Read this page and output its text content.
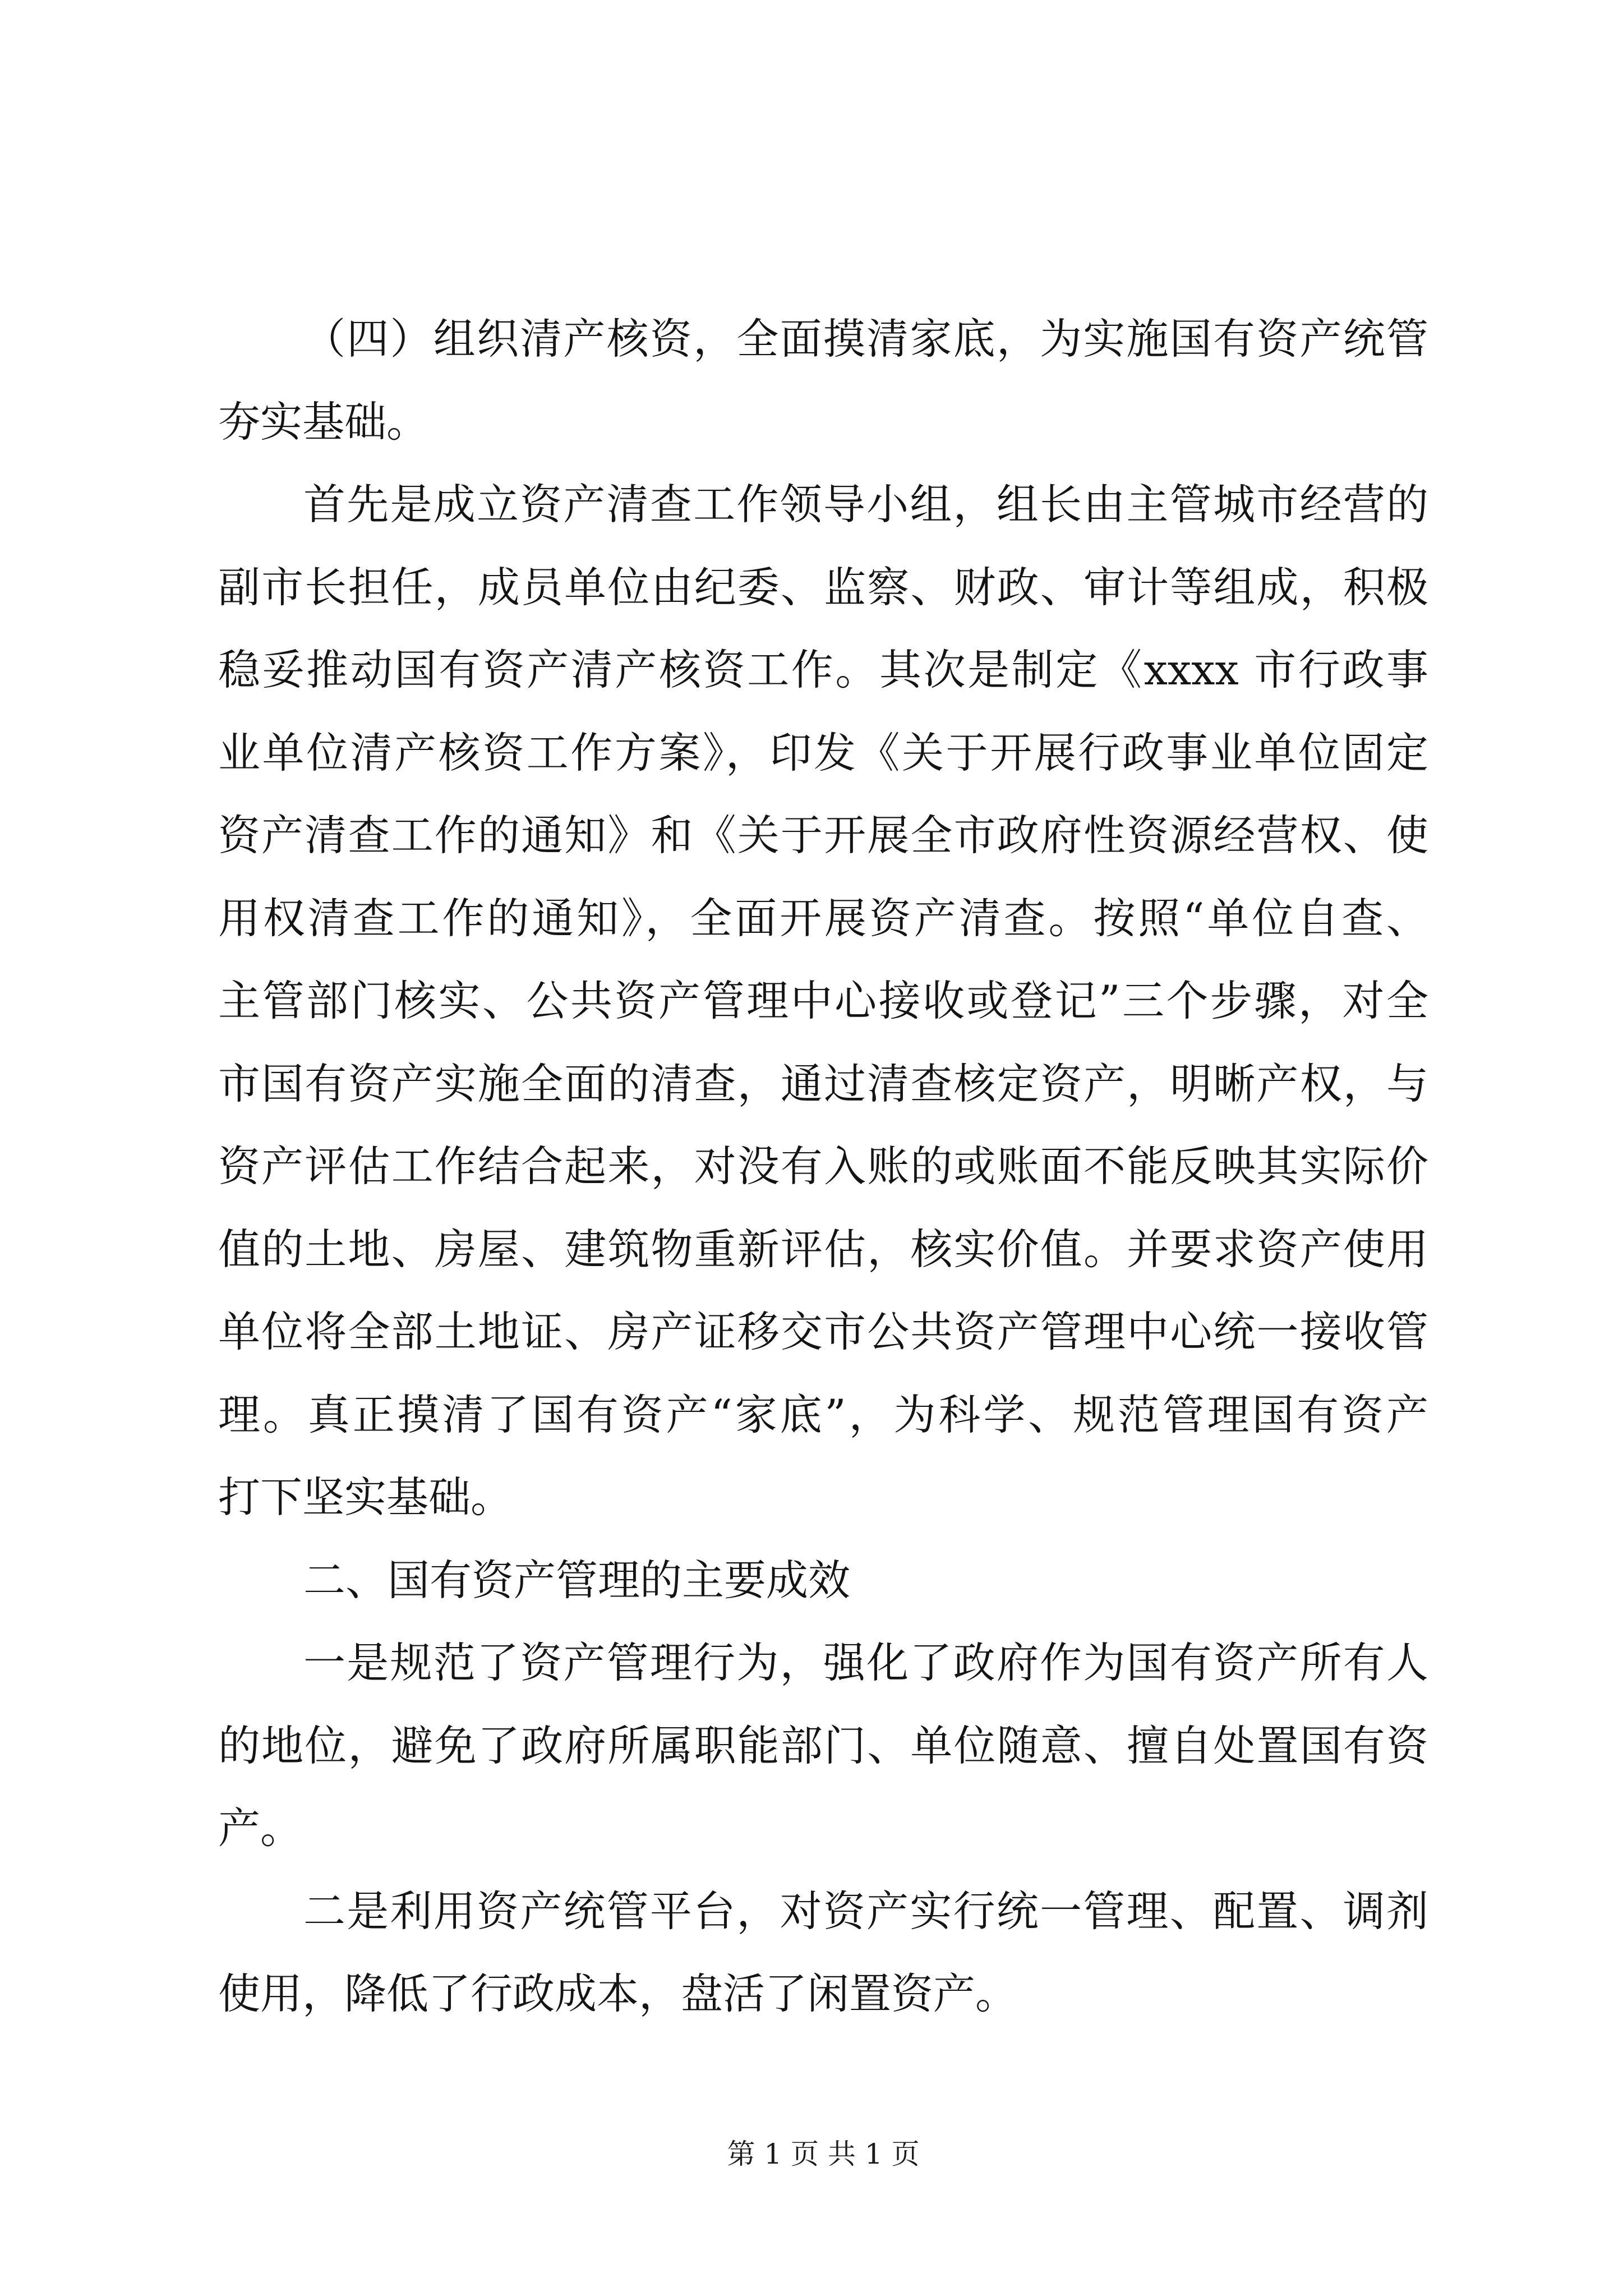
（四）组织清产核资，全面摸清家底，为实施国有资产统管
夯实基础。
首先是成立资产清查工作领导小组，组长由主管城市经营的
副市长担任，成员单位由纪委、监察、财政、审计等组成，积极
稳妥推动国有资产清产核资工作。其次是制定《xxxx 市行政事
业单位清产核资工作方案》，印发《关于开展行政事业单位固定
资产清查工作的通知》和《关于开展全市政府性资源经营权、使
用权清查工作的通知》，全面开展资产清查。按照“单位自查、
主管部门核实、公共资产管理中心接收或登记”三个步骤，对全
市国有资产实施全面的清查，通过清查核定资产，明晰产权，与
资产评估工作结合起来，对没有入账的或账面不能反映其实际价
值的土地、房屋、建筑物重新评估，核实价值。并要求资产使用
单位将全部土地证、房产证移交市公共资产管理中心统一接收管
理。真正摸清了国有资产“家底”，为科学、规范管理国有资产
打下坚实基础。
二、国有资产管理的主要成效
一是规范了资产管理行为，强化了政府作为国有资产所有人
的地位，避免了政府所属职能部门、单位随意、擅自处置国有资
产。
二是利用资产统管平台，对资产实行统一管理、配置、调剂
使用，降低了行政成本，盘活了闲置资产。
第 1 页 共 1 页
